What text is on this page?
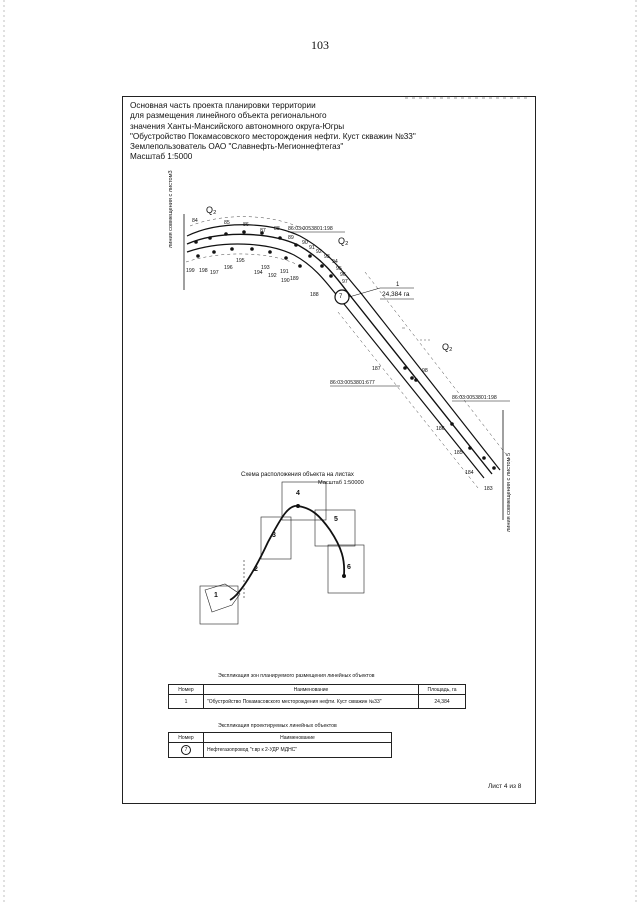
103
Основная часть проекта планировки территории
для размещения линейного объекта регионального
значения Ханты-Мансийского автономного округа-Югры
"Обустройство Покамасовского месторождения нефти. Куст скважин №33"
Землепользователь ОАО "Славнефть-Мегионнефтегаз"
Масштаб 1:5000
линия совмещения с листом3
линия совмещения с листом 5
86:03:0053801:198
86:03:0053801:677
86:03:0053801:198
7
1
24,384 га
Q₂
Q₂
Q₂
84	85	86
87 88
89
90
91
92
93
94
95
96
97
199 198 197
196
195
194
193
192
191
190 189
188
187	98
186
185
184
183
Схема расположения объекта на листах
Масштаб 1:50000
1
2
3
4
5
6
Экспликация зон планируемого размещения линейных объектов
Номер	Наименование	Площадь, га
1	"Обустройство Покамасовского месторождения нефти. Куст скважин №33"	24,384
Экспликация проектируемых линейных объектов
Номер	Наименование
7	Нефтегазопровод "т.вр к 2-УДР МДНС"
Лист 4 из 8
